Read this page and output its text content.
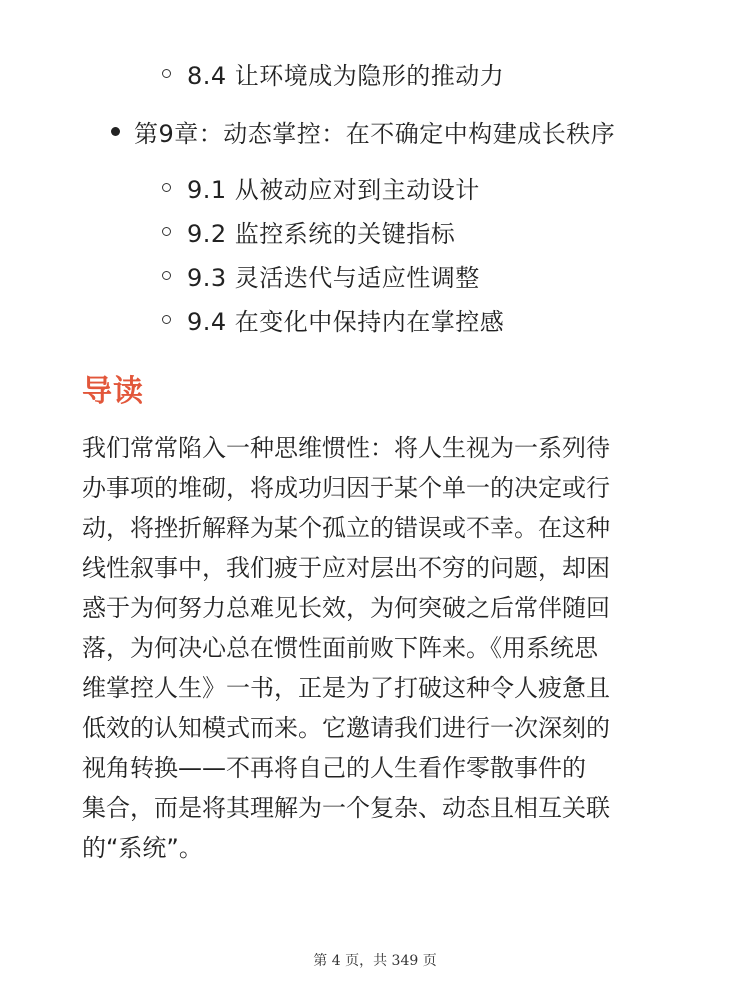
8.4 让环境成为隐形的推动力
第9章：动态掌控：在不确定中构建成长秩序
9.1 从被动应对到主动设计
9.2 监控系统的关键指标
9.3 灵活迭代与适应性调整
9.4 在变化中保持内在掌控感
导读
我们常常陷入一种思维惯性：将人生视为一系列待
办事项的堆砌，将成功归因于某个单一的决定或行
动，将挫折解释为某个孤立的错误或不幸。在这种
线性叙事中，我们疲于应对层出不穷的问题，却困
惑于为何努力总难见长效，为何突破之后常伴随回
落，为何决心总在惯性面前败下阵来。《用系统思
维掌控人生》一书，正是为了打破这种令人疲惫且
低效的认知模式而来。它邀请我们进行一次深刻的
视角转换——不再将自己的人生看作零散事件的
集合，而是将其理解为一个复杂、动态且相互关联
的“系统”。
第 4 页，共 349 页
